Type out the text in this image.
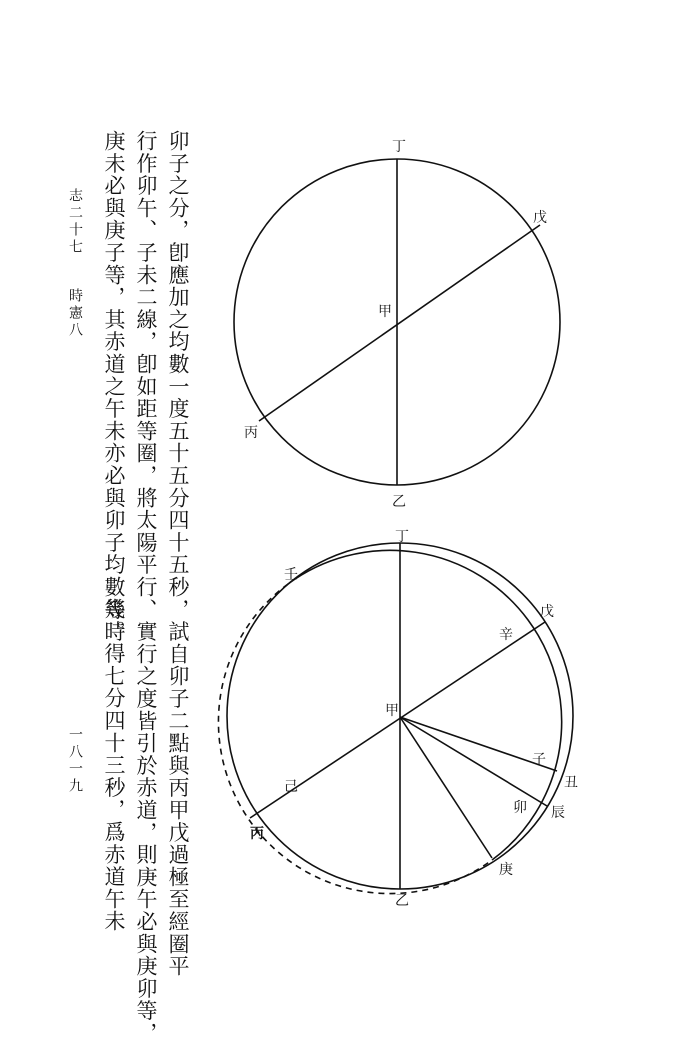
卯子之分，卽應加之均數一度五十五分四十五秒，試自卯子二點與丙甲戊過極至經圈平
行作卯午、子未二線，卽如距等圈，將太陽平行、實行之度皆引於赤道，則庚午必與庚卯等，
庚未必與庚子等，其赤道之午未亦必與卯子均數等。
幾時得七分四十三秒，爲赤道午未
志二十七
時憲八
一八一九
丁
戊
甲
丙
乙
丁
壬
戊
辛
甲
子
丑
己
卯 辰
丙
庚
乙
